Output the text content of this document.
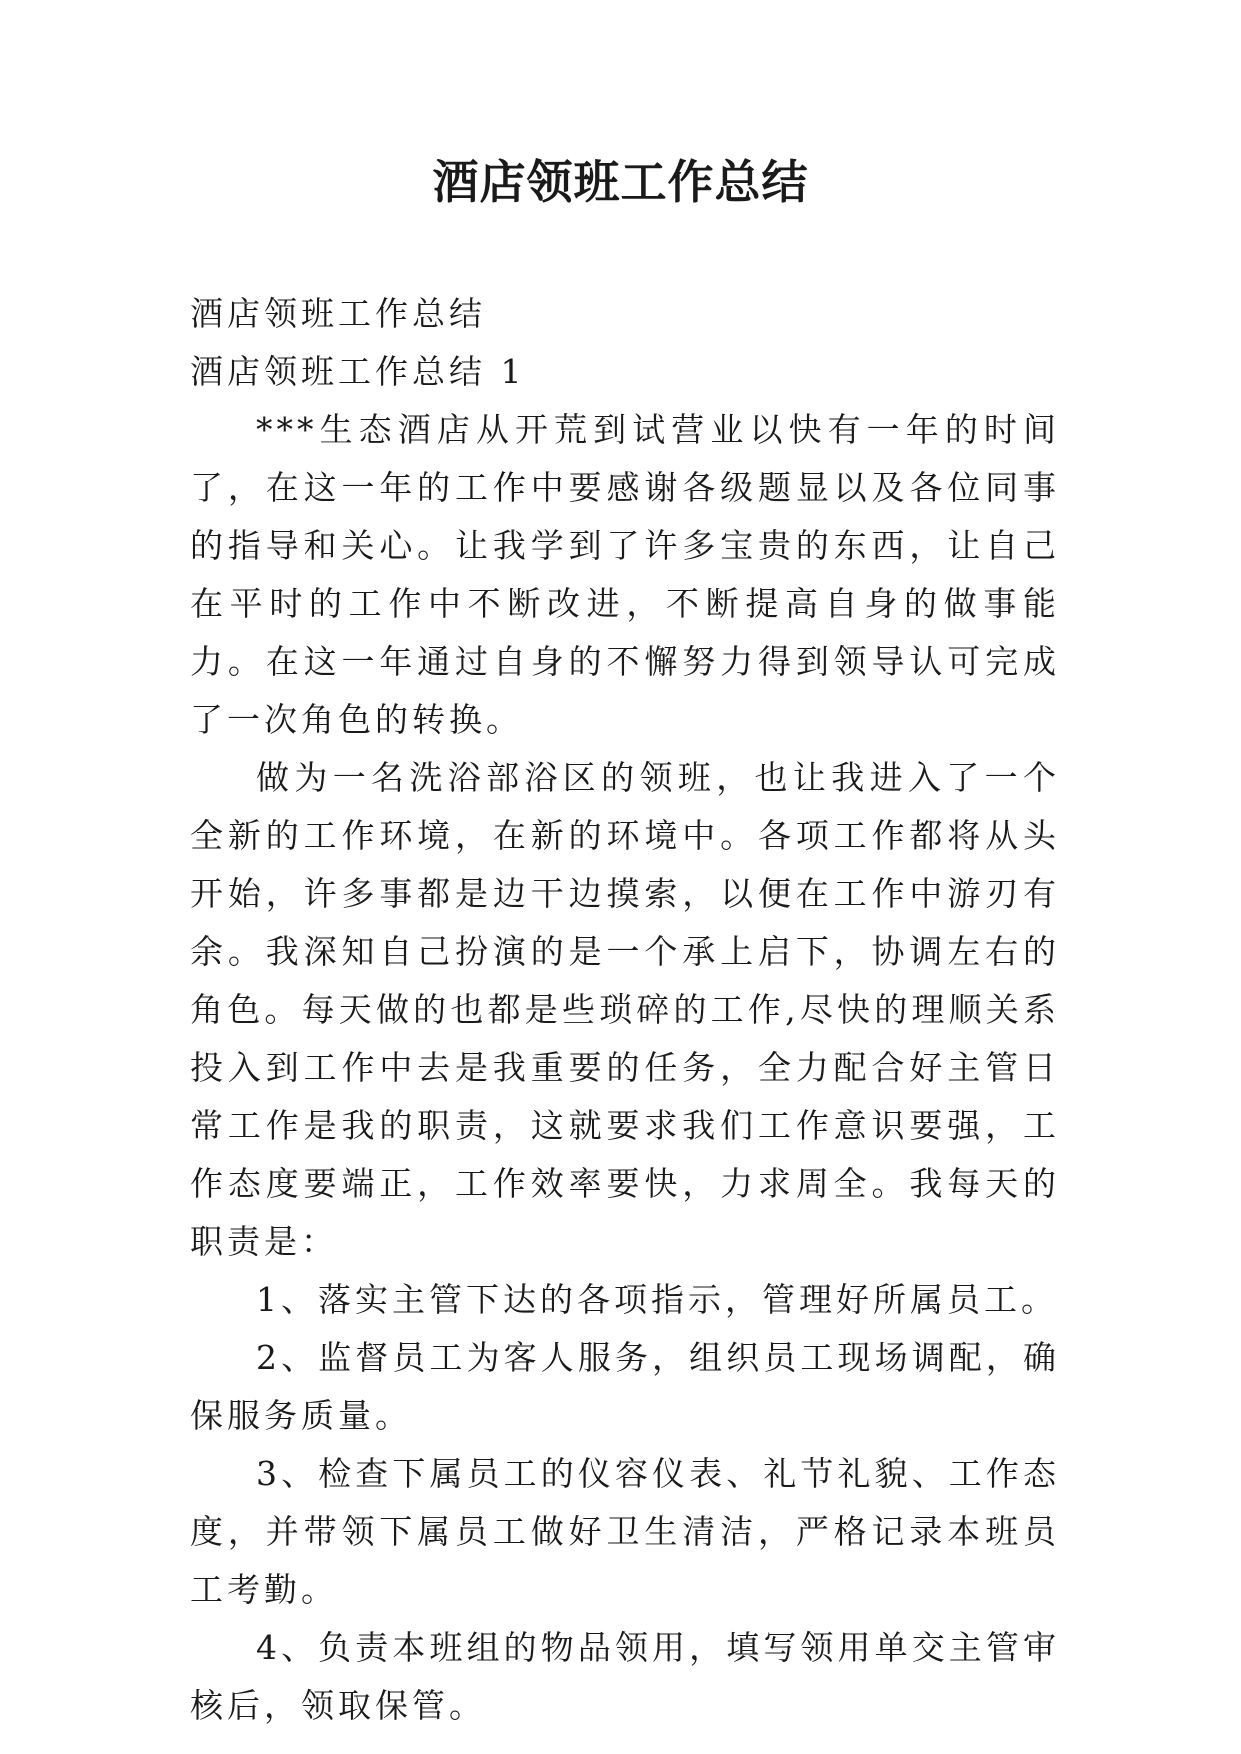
酒店领班工作总结

酒店领班工作总结

酒店领班工作总结 1

***生态酒店从开荒到试营业以快有一年的时间了，在这一年的工作中要感谢各级题显以及各位同事的指导和关心。让我学到了许多宝贵的东西，让自己在平时的工作中不断改进，不断提高自身的做事能力。在这一年通过自身的不懈努力得到领导认可完成了一次角色的转换。

做为一名洗浴部浴区的领班，也让我进入了一个全新的工作环境，在新的环境中。各项工作都将从头开始，许多事都是边干边摸索，以便在工作中游刃有余。我深知自己扮演的是一个承上启下，协调左右的角色。每天做的也都是些琐碎的工作,尽快的理顺关系投入到工作中去是我重要的任务，全力配合好主管日常工作是我的职责，这就要求我们工作意识要强，工作态度要端正，工作效率要快，力求周全。我每天的职责是：

1、落实主管下达的各项指示，管理好所属员工。

2、监督员工为客人服务，组织员工现场调配，确保服务质量。

3、检查下属员工的仪容仪表、礼节礼貌、工作态度，并带领下属员工做好卫生清洁，严格记录本班员工考勤。

4、负责本班组的物品领用，填写领用单交主管审核后，领取保管。
